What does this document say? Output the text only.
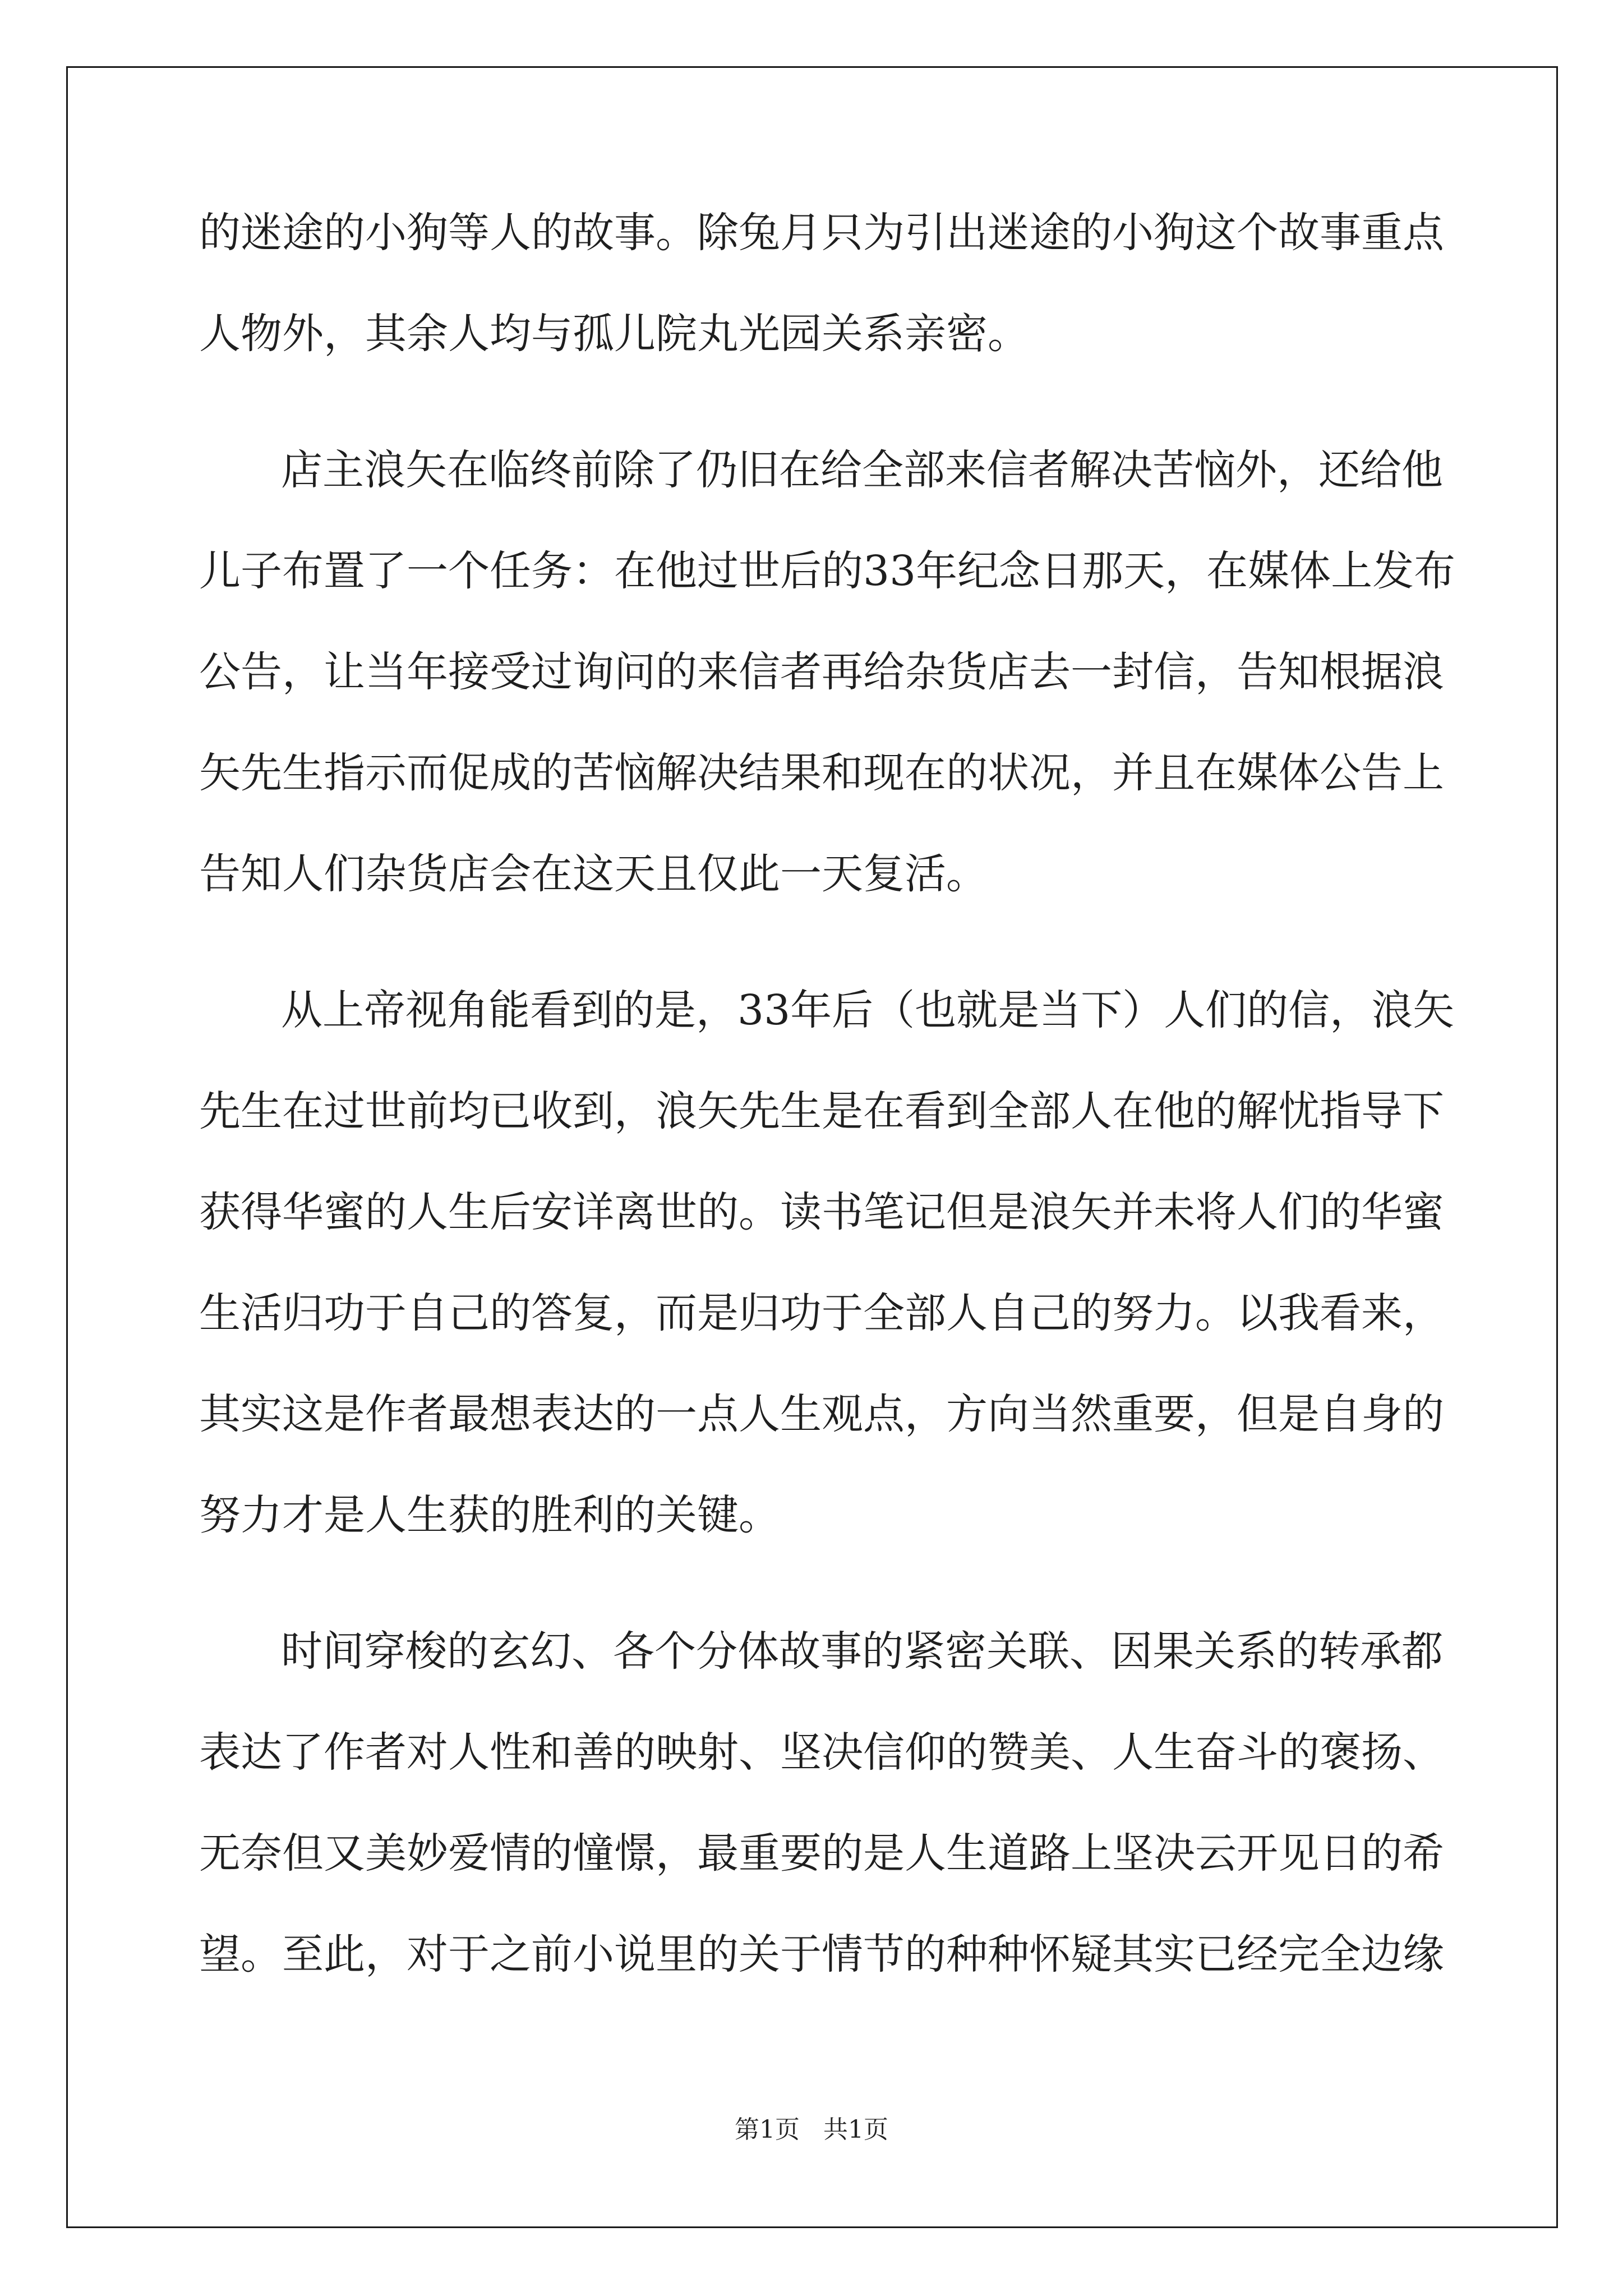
的迷途的小狗等人的故事。除兔月只为引出迷途的小狗这个故事重点
人物外，其余人均与孤儿院丸光园关系亲密。
店主浪矢在临终前除了仍旧在给全部来信者解决苦恼外，还给他
儿子布置了一个任务：在他过世后的33年纪念日那天，在媒体上发布
公告，让当年接受过询问的来信者再给杂货店去一封信，告知根据浪
矢先生指示而促成的苦恼解决结果和现在的状况，并且在媒体公告上
告知人们杂货店会在这天且仅此一天复活。
从上帝视角能看到的是，33年后（也就是当下）人们的信，浪矢
先生在过世前均已收到，浪矢先生是在看到全部人在他的解忧指导下
获得华蜜的人生后安详离世的。读书笔记但是浪矢并未将人们的华蜜
生活归功于自己的答复，而是归功于全部人自己的努力。以我看来，
其实这是作者最想表达的一点人生观点，方向当然重要，但是自身的
努力才是人生获的胜利的关键。
时间穿梭的玄幻、各个分体故事的紧密关联、因果关系的转承都
表达了作者对人性和善的映射、坚决信仰的赞美、人生奋斗的褒扬、
无奈但又美妙爱情的憧憬，最重要的是人生道路上坚决云开见日的希
望。至此，对于之前小说里的关于情节的种种怀疑其实已经完全边缘
第1页   共1页
